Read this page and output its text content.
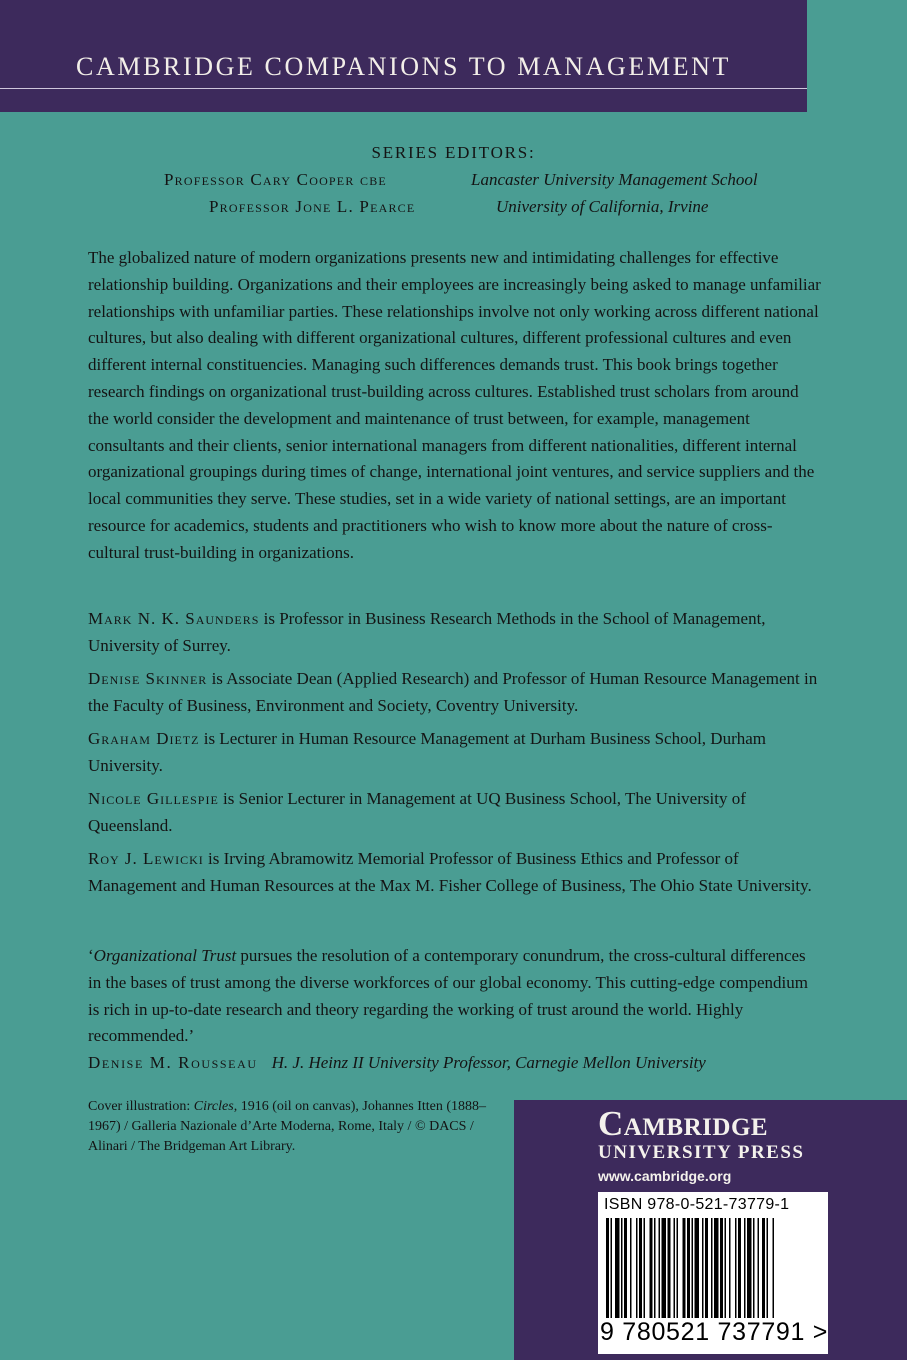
CAMBRIDGE COMPANIONS TO MANAGEMENT
SERIES EDITORS:
Professor Cary Cooper cbe	Lancaster University Management School
Professor Jone L. Pearce	University of California, Irvine

The globalized nature of modern organizations presents new and intimidating challenges for effective relationship building. Organizations and their employees are increasingly being asked to manage unfamiliar relationships with unfamiliar parties. These relationships involve not only working across different national cultures, but also dealing with different organizational cultures, different professional cultures and even different internal constituencies. Managing such differences demands trust. This book brings together research findings on organizational trust-building across cultures. Established trust scholars from around the world consider the development and maintenance of trust between, for example, management consultants and their clients, senior international managers from different nationalities, different internal organizational groupings during times of change, international joint ventures, and service suppliers and the local communities they serve. These studies, set in a wide variety of national settings, are an important resource for academics, students and practitioners who wish to know more about the nature of cross-cultural trust-building in organizations.

Mark N. K. Saunders is Professor in Business Research Methods in the School of Management, University of Surrey.

Denise Skinner is Associate Dean (Applied Research) and Professor of Human Resource Management in the Faculty of Business, Environment and Society, Coventry University.

Graham Dietz is Lecturer in Human Resource Management at Durham Business School, Durham University.

Nicole Gillespie is Senior Lecturer in Management at UQ Business School, The University of Queensland.

Roy J. Lewicki is Irving Abramowitz Memorial Professor of Business Ethics and Professor of Management and Human Resources at the Max M. Fisher College of Business, The Ohio State University.

‘Organizational Trust pursues the resolution of a contemporary conundrum, the cross-cultural differences in the bases of trust among the diverse workforces of our global economy. This cutting-edge compendium is rich in up-to-date research and theory regarding the working of trust around the world. Highly recommended.’

Denise M. Rousseau H. J. Heinz II University Professor, Carnegie Mellon University

Cover illustration: Circles, 1916 (oil on canvas), Johannes Itten (1888–1967) / Galleria Nazionale d’Arte Moderna, Rome, Italy / © DACS / Alinari / The Bridgeman Art Library.

Cambridge
UNIVERSITY PRESS
www.cambridge.org
ISBN 978-0-521-73779-1
9 780521 737791 >
